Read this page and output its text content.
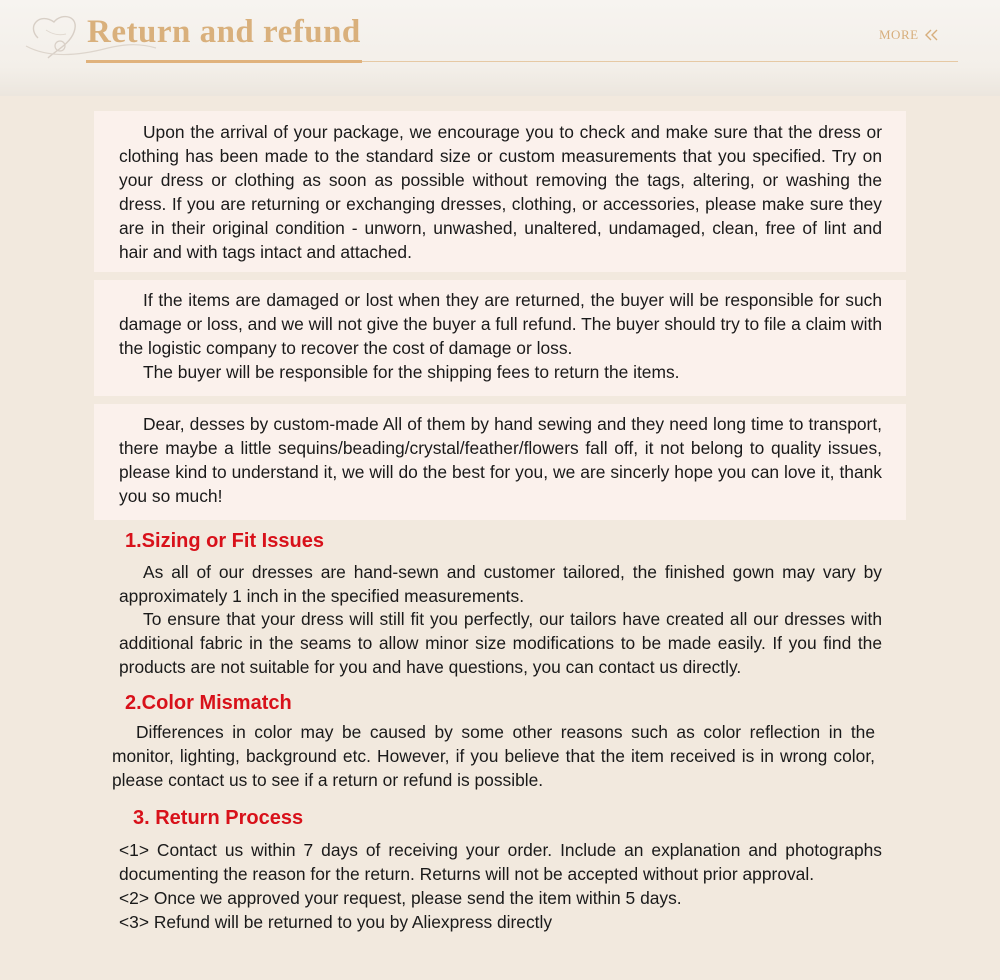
Return and refund	MORE

Upon the arrival of your package, we encourage you to check and make sure that the dress or clothing has been made to the standard size or custom measurements that you specified. Try on your dress or clothing as soon as possible without removing the tags, altering, or washing the dress. If you are returning or exchanging dresses, clothing, or accessories, please make sure they are in their original condition - unworn, unwashed, unaltered, undamaged, clean, free of lint and hair and with tags intact and attached.

If the items are damaged or lost when they are returned, the buyer will be responsible for such damage or loss, and we will not give the buyer a full refund. The buyer should try to file a claim with the logistic company to recover the cost of damage or loss.

The buyer will be responsible for the shipping fees to return the items.

Dear, desses by custom-made All of them by hand sewing and they need long time to transport, there maybe a little sequins/beading/crystal/feather/flowers fall off, it not belong to quality issues, please kind to understand it, we will do the best for you, we are sincerly hope you can love it, thank you so much!

1.Sizing or Fit Issues

As all of our dresses are hand-sewn and customer tailored, the finished gown may vary by approximately 1 inch in the specified measurements.

To ensure that your dress will still fit you perfectly, our tailors have created all our dresses with additional fabric in the seams to allow minor size modifications to be made easily. If you find the products are not suitable for you and have questions, you can contact us directly.

2.Color Mismatch

Differences in color may be caused by some other reasons such as color reflection in the monitor, lighting, background etc. However, if you believe that the item received is in wrong color, please contact us to see if a return or refund is possible.

3. Return Process

<1> Contact us within 7 days of receiving your order. Include an explanation and photographs documenting the reason for the return. Returns will not be accepted without prior approval.

<2> Once we approved your request, please send the item within 5 days.

<3> Refund will be returned to you by Aliexpress directly
